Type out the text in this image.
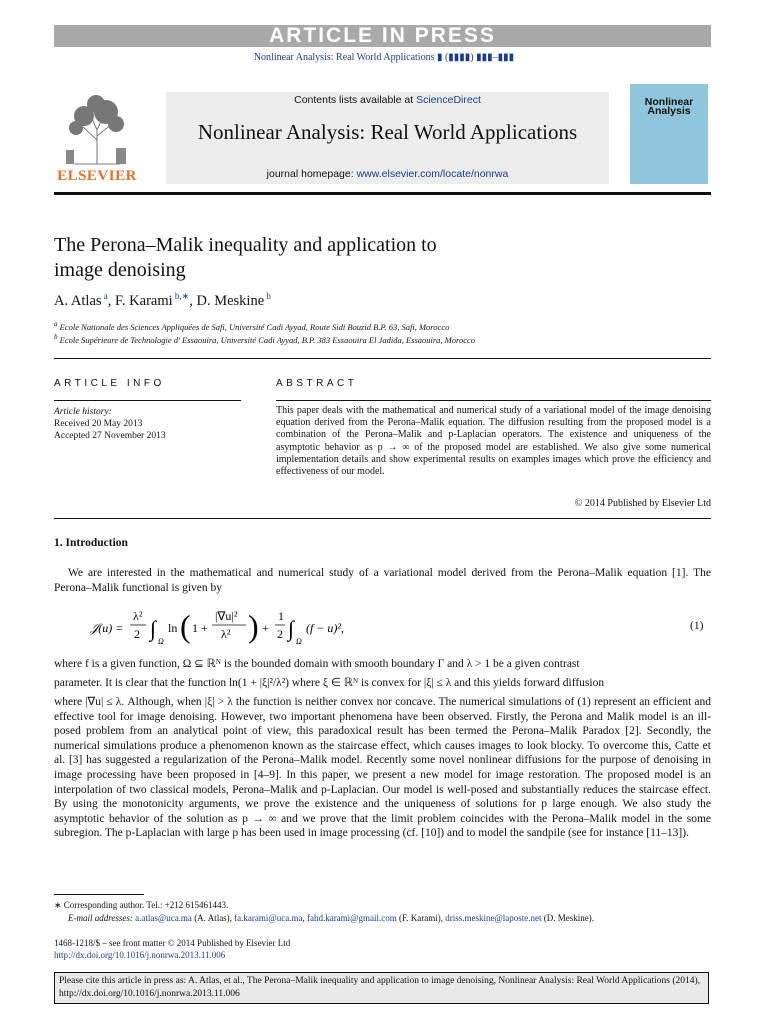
ARTICLE IN PRESS
Nonlinear Analysis: Real World Applications ▮ (▮▮▮▮) ▮▮▮–▮▮▮
ELSEVIER
Contents lists available at ScienceDirect
Nonlinear Analysis: Real World Applications
journal homepage: www.elsevier.com/locate/nonrwa
Nonlinear Analysis
The Perona–Malik inequality and application to
image denoising
A. Atlas $^a$, F. Karami $^{b,∗}$, D. Meskine $^b$
$^a$ Ecole Nationale des Sciences Appliquées de Safi, Université Cadi Ayyad, Route Sidi Bouzid B.P. 63, Safi, Morocco
$^b$ Ecole Supérieure de Technologie d' Essaouira, Université Cadi Ayyad, B.P. 383 Essaouira El Jadida, Essaouira, Morocco
ARTICLE INFO	ABSTRACT
Article history:
Received 20 May 2013
Accepted 27 November 2013
This paper deals with the mathematical and numerical study of a variational model of the image denoising equation derived from the Perona–Malik equation. The diffusion resulting from the proposed model is a combination of the Perona–Malik and p-Laplacian operators. The existence and uniqueness of the asymptotic behavior as p → ∞ of the proposed model are established. We also give some numerical implementation details and show experimental results on examples images which prove the efficiency and effectiveness of our model.
© 2014 Published by Elsevier Ltd
1. Introduction
We are interested in the mathematical and numerical study of a variational model derived from the Perona–Malik equation [1]. The Perona–Malik functional is given by
𝒥(u) =
λ²
2 ∫
Ω
ln ( 1 +
|∇u|²
λ² ) +
1
2 ∫
Ω
(f − u)²,	(1)
where f is a given function, Ω ⊆ ℝᴺ is the bounded domain with smooth boundary Γ and λ > 1 be a given contrast
parameter. It is clear that the function ln(1 + |ξ|²/λ²) where ξ ∈ ℝᴺ is convex for |ξ| ≤ λ and this yields forward diffusion
where |∇u| ≤ λ. Although, when |ξ| > λ the function is neither convex nor concave. The numerical simulations of (1) represent an efficient and effective tool for image denoising. However, two important phenomena have been observed. Firstly, the Perona and Malik model is an ill-posed problem from an analytical point of view, this paradoxical result has been termed the Perona–Malik Paradox [2]. Secondly, the numerical simulations produce a phenomenon known as the staircase effect, which causes images to look blocky. To overcome this, Catte et al. [3] has suggested a regularization of the Perona–Malik model. Recently some novel nonlinear diffusions for the purpose of denoising in image processing have been proposed in [4–9]. In this paper, we present a new model for image restoration. The proposed model is an interpolation of two classical models, Perona–Malik and p-Laplacian. Our model is well-posed and substantially reduces the staircase effect. By using the monotonicity arguments, we prove the existence and the uniqueness of solutions for p large enough. We also study the asymptotic behavior of the solution as p → ∞ and we prove that the limit problem coincides with the Perona–Malik model in the some subregion. The p-Laplacian with large p has been used in image processing (cf. [10]) and to model the sandpile (see for instance [11–13]).
∗ Corresponding author. Tel.: +212 615461443.
E-mail addresses: a.atlas@uca.ma (A. Atlas), fa.karami@uca.ma, fahd.karami@gmail.com (F. Karami), driss.meskine@laposte.net (D. Meskine).
1468-1218/$ – see front matter © 2014 Published by Elsevier Ltd
http://dx.doi.org/10.1016/j.nonrwa.2013.11.006
Please cite this article in press as: A. Atlas, et al., The Perona–Malik inequality and application to image denoising, Nonlinear Analysis: Real World Applications (2014), http://dx.doi.org/10.1016/j.nonrwa.2013.11.006
